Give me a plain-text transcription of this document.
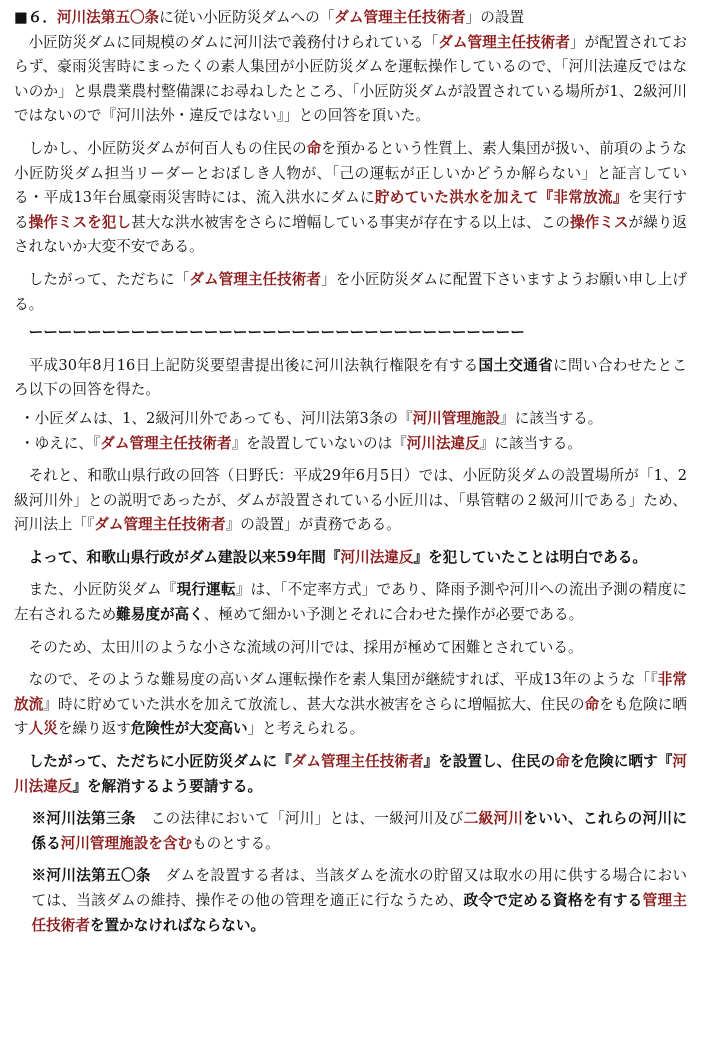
■６．河川法第五〇条に従い小匠防災ダムへの「ダム管理主任技術者」の設置

小匠防災ダムに同規模のダムに河川法で義務付けられている「ダム管理主任技術者」が配置されておらず、豪雨災害時にまったくの素人集団が小匠防災ダムを運転操作しているので、「河川法違反ではないのか」と県農業農村整備課にお尋ねしたところ、「小匠防災ダムが設置されている場所が1、2級河川ではないので『河川法外・違反ではない』」との回答を頂いた。

しかし、小匠防災ダムが何百人もの住民の命を預かるという性質上、素人集団が扱い、前項のような小匠防災ダム担当リーダーとおぼしき人物が、「己の運転が正しいかどうか解らない」と証言している・平成13年台風豪雨災害時には、流入洪水にダムに貯めていた洪水を加えて『非常放流』を実行する操作ミスを犯し甚大な洪水被害をさらに増幅している事実が存在する以上は、この操作ミスが繰り返されないか大変不安である。

したがって、ただちに「ダム管理主任技術者」を小匠防災ダムに配置下さいますようお願い申し上げる。

ーーーーーーーーーーーーーーーーーーーーーーーーーーーーーーーーーー

平成30年8月16日上記防災要望書提出後に河川法執行権限を有する国土交通省に問い合わせたところ以下の回答を得た。

・小匠ダムは、1、2級河川外であっても、河川法第3条の『河川管理施設』に該当する。

・ゆえに、『ダム管理主任技術者』を設置していないのは『河川法違反』に該当する。

それと、和歌山県行政の回答（日野氏：平成29年6月5日）では、小匠防災ダムの設置場所が「1、2級河川外」との説明であったが、ダムが設置されている小匠川は、「県管轄の２級河川である」ため、河川法上「『ダム管理主任技術者』の設置」が責務である。

よって、和歌山県行政がダム建設以来59年間『河川法違反』を犯していたことは明白である。

また、小匠防災ダム『現行運転』は、「不定率方式」であり、降雨予測や河川への流出予測の精度に左右されるため難易度が高く、極めて細かい予測とそれに合わせた操作が必要である。

そのため、太田川のような小さな流域の河川では、採用が極めて困難とされている。

なので、そのような難易度の高いダム運転操作を素人集団が継続すれば、平成13年のような「『非常放流』時に貯めていた洪水を加えて放流し、甚大な洪水被害をさらに増幅拡大、住民の命をも危険に晒す人災を繰り返す危険性が大変高い」と考えられる。

したがって、ただちに小匠防災ダムに『ダム管理主任技術者』を設置し、住民の命を危険に晒す『河川法違反』を解消するよう要請する。

※河川法第三条　この法律において「河川」とは、一級河川及び二級河川をいい、これらの河川に係る河川管理施設を含むものとする。

※河川法第五〇条　ダムを設置する者は、当該ダムを流水の貯留又は取水の用に供する場合においては、当該ダムの維持、操作その他の管理を適正に行なうため、政令で定める資格を有する管理主任技術者を置かなければならない。
